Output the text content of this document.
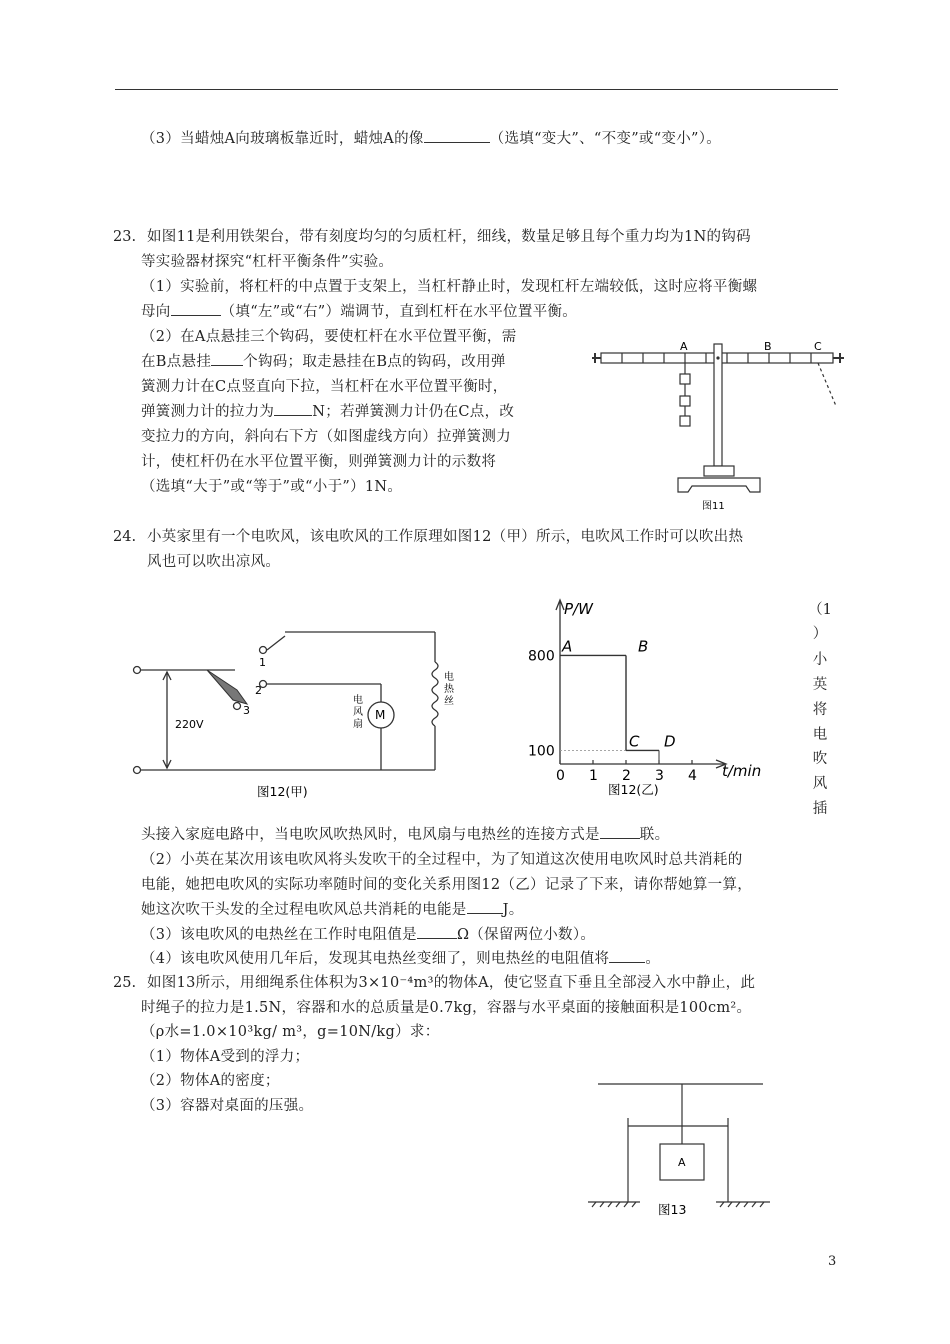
（3）当蜡烛A向玻璃板靠近时，蜡烛A的像	（选填“变大”、“不变”或“变小”）。
23. 如图11是利用铁架台，带有刻度均匀的匀质杠杆，细线，数量足够且每个重力均为1N的钩码
等实验器材探究“杠杆平衡条件”实验。
（1）实验前，将杠杆的中点置于支架上，当杠杆静止时，发现杠杆左端较低，这时应将平衡螺
母向	（填“左”或“右”）端调节，直到杠杆在水平位置平衡。
（2）在A点悬挂三个钩码，要使杠杆在水平位置平衡，需
在B点悬挂 个钩码；取走悬挂在B点的钩码，改用弹
簧测力计在C点竖直向下拉，当杠杆在水平位置平衡时，
弹簧测力计的拉力为	N；若弹簧测力计仍在C点，改
变拉力的方向，斜向右下方（如图虚线方向）拉弹簧测力
计，使杠杆仍在水平位置平衡，则弹簧测力计的示数将
（选填“大于”或“等于”或“小于”）1N。
A	B	C
图11
24. 小英家里有一个电吹风，该电吹风的工作原理如图12（甲）所示，电吹风工作时可以吹出热
风也可以吹出凉风。
1
2
3
220V
M
电
风
扇
电
热
丝
图12(甲)
0 1 2 3 4
800
100
A	B
C D
P/W
t/min
图12(乙)
（1
）
小
英
将
电
吹
风
插
头接入家庭电路中，当电吹风吹热风时，电风扇与电热丝的连接方式是	联。
（2）小英在某次用该电吹风将头发吹干的全过程中，为了知道这次使用电吹风时总共消耗的
电能，她把电吹风的实际功率随时间的变化关系用图12（乙）记录了下来，请你帮她算一算，
她这次吹干头发的全过程电吹风总共消耗的电能是 J。
（3）该电吹风的电热丝在工作时电阻值是	Ω（保留两位小数）。
（4）该电吹风使用几年后，发现其电热丝变细了，则电热丝的电阻值将 。
25. 如图13所示，用细绳系住体积为3×10⁻⁴m³的物体A，使它竖直下垂且全部浸入水中静止，此
时绳子的拉力是1.5N，容器和水的总质量是0.7kg，容器与水平桌面的接触面积是100cm²。
（ρ水=1.0×10³kg/ m³，g=10N/kg）求：
（1）物体A受到的浮力；
（2）物体A的密度；
（3）容器对桌面的压强。
A
图13
3
